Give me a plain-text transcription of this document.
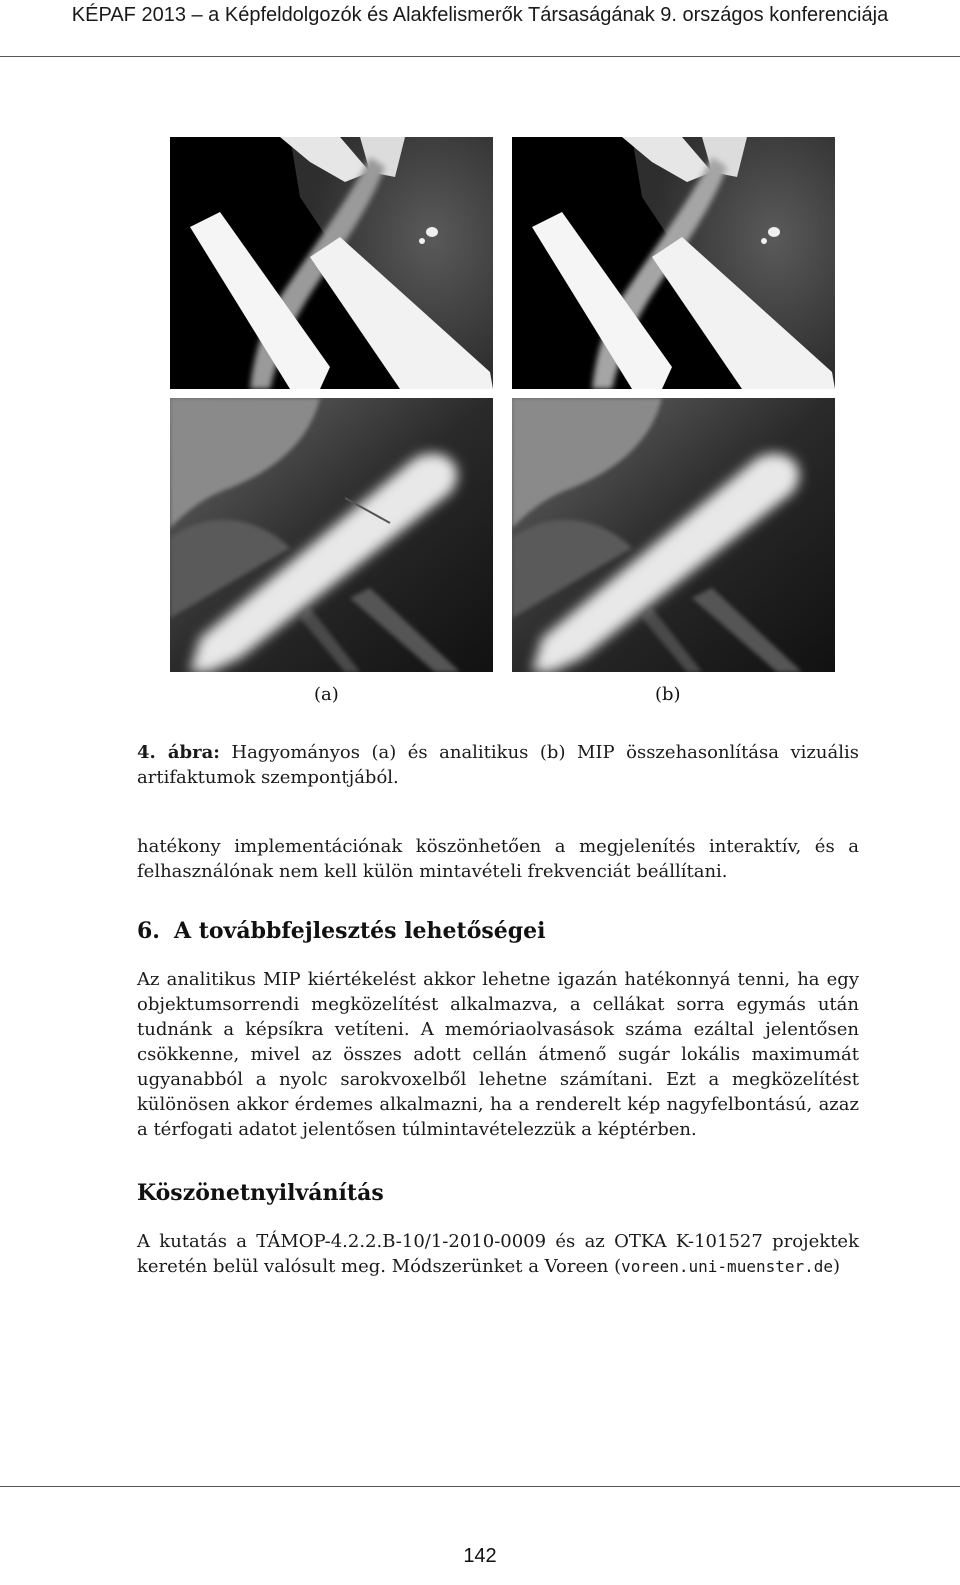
KÉPAF 2013 – a Képfeldolgozók és Alakfelismerők Társaságának 9. országos konferenciája
(a)	(b)
4. ábra: Hagyományos (a) és analitikus (b) MIP összehasonlítása vizuális artifaktumok szempontjából.
hatékony implementációnak köszönhetően a megjelenítés interaktív, és a felhasználónak nem kell külön mintavételi frekvenciát beállítani.
6. A továbbfejlesztés lehetőségei
Az analitikus MIP kiértékelést akkor lehetne igazán hatékonnyá tenni, ha egy objektumsorrendi megközelítést alkalmazva, a cellákat sorra egymás után tudnánk a képsíkra vetíteni. A memóriaolvasások száma ezáltal jelentősen csökkenne, mivel az összes adott cellán átmenő sugár lokális maximumát ugyanabból a nyolc sarokvoxelből lehetne számítani. Ezt a megközelítést különösen akkor érdemes alkalmazni, ha a renderelt kép nagyfelbontású, azaz a térfogati adatot jelentősen túlmintavételezzük a képtérben.
Köszönetnyilvánítás
A kutatás a TÁMOP-4.2.2.B-10/1-2010-0009 és az OTKA K-101527 projektek keretén belül valósult meg. Módszerünket a Voreen (voreen.uni-muenster.de)
142
